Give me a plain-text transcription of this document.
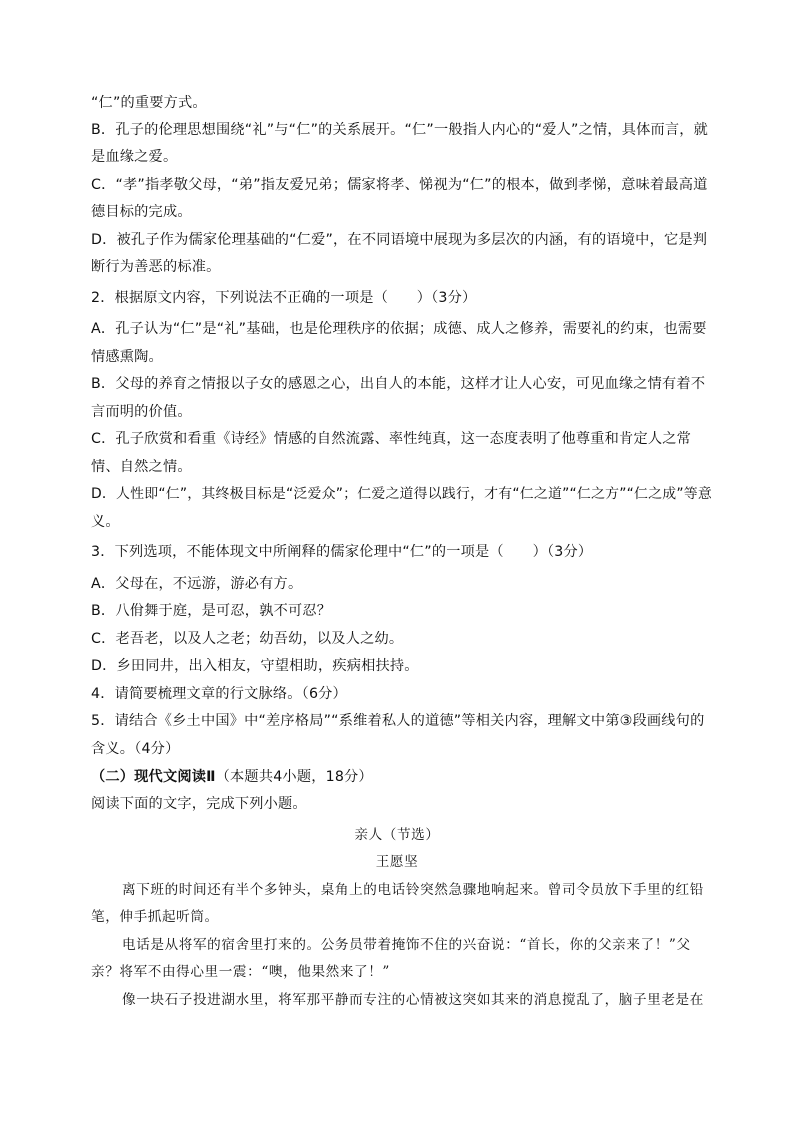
“仁”的重要方式。
B．孔子的伦理思想围绕“礼”与“仁”的关系展开。“仁”一般指人内心的“爱人”之情，具体而言，就
是血缘之爱。
C．“孝”指孝敬父母，“弟”指友爱兄弟；儒家将孝、悌视为“仁”的根本，做到孝悌，意味着最高道
德目标的完成。
D．被孔子作为儒家伦理基础的“仁爱”，在不同语境中展现为多层次的内涵，有的语境中，它是判
断行为善恶的标准。
2．根据原文内容，下列说法不正确的一项是（　　）（3分）
A．孔子认为“仁”是“礼”基础，也是伦理秩序的依据；成德、成人之修养，需要礼的约束，也需要
情感熏陶。
B．父母的养育之情报以子女的感恩之心，出自人的本能，这样才让人心安，可见血缘之情有着不
言而明的价值。
C．孔子欣赏和看重《诗经》情感的自然流露、率性纯真，这一态度表明了他尊重和肯定人之常
情、自然之情。
D．人性即“仁”，其终极目标是“泛爱众”；仁爱之道得以践行，才有“仁之道”“仁之方”“仁之成”等意
义。
3．下列选项，不能体现文中所阐释的儒家伦理中“仁”的一项是（　　）（3分）
A．父母在，不远游，游必有方。
B．八佾舞于庭，是可忍，孰不可忍？
C．老吾老，以及人之老；幼吾幼，以及人之幼。
D．乡田同井，出入相友，守望相助，疾病相扶持。
4．请简要梳理文章的行文脉络。（6分）
5．请结合《乡土中国》中“差序格局”“系维着私人的道德”等相关内容，理解文中第③段画线句的
含义。（4分）
（二）现代文阅读Ⅱ（本题共4小题，18分）
阅读下面的文字，完成下列小题。
亲人（节选）
王愿坚
离下班的时间还有半个多钟头，桌角上的电话铃突然急骤地响起来。曾司令员放下手里的红铅
笔，伸手抓起听筒。
电话是从将军的宿舍里打来的。公务员带着掩饰不住的兴奋说：“首长，你的父亲来了！”父
亲？将军不由得心里一震：“噢，他果然来了！”
像一块石子投进湖水里，将军那平静而专注的心情被这突如其来的消息搅乱了，脑子里老是在
